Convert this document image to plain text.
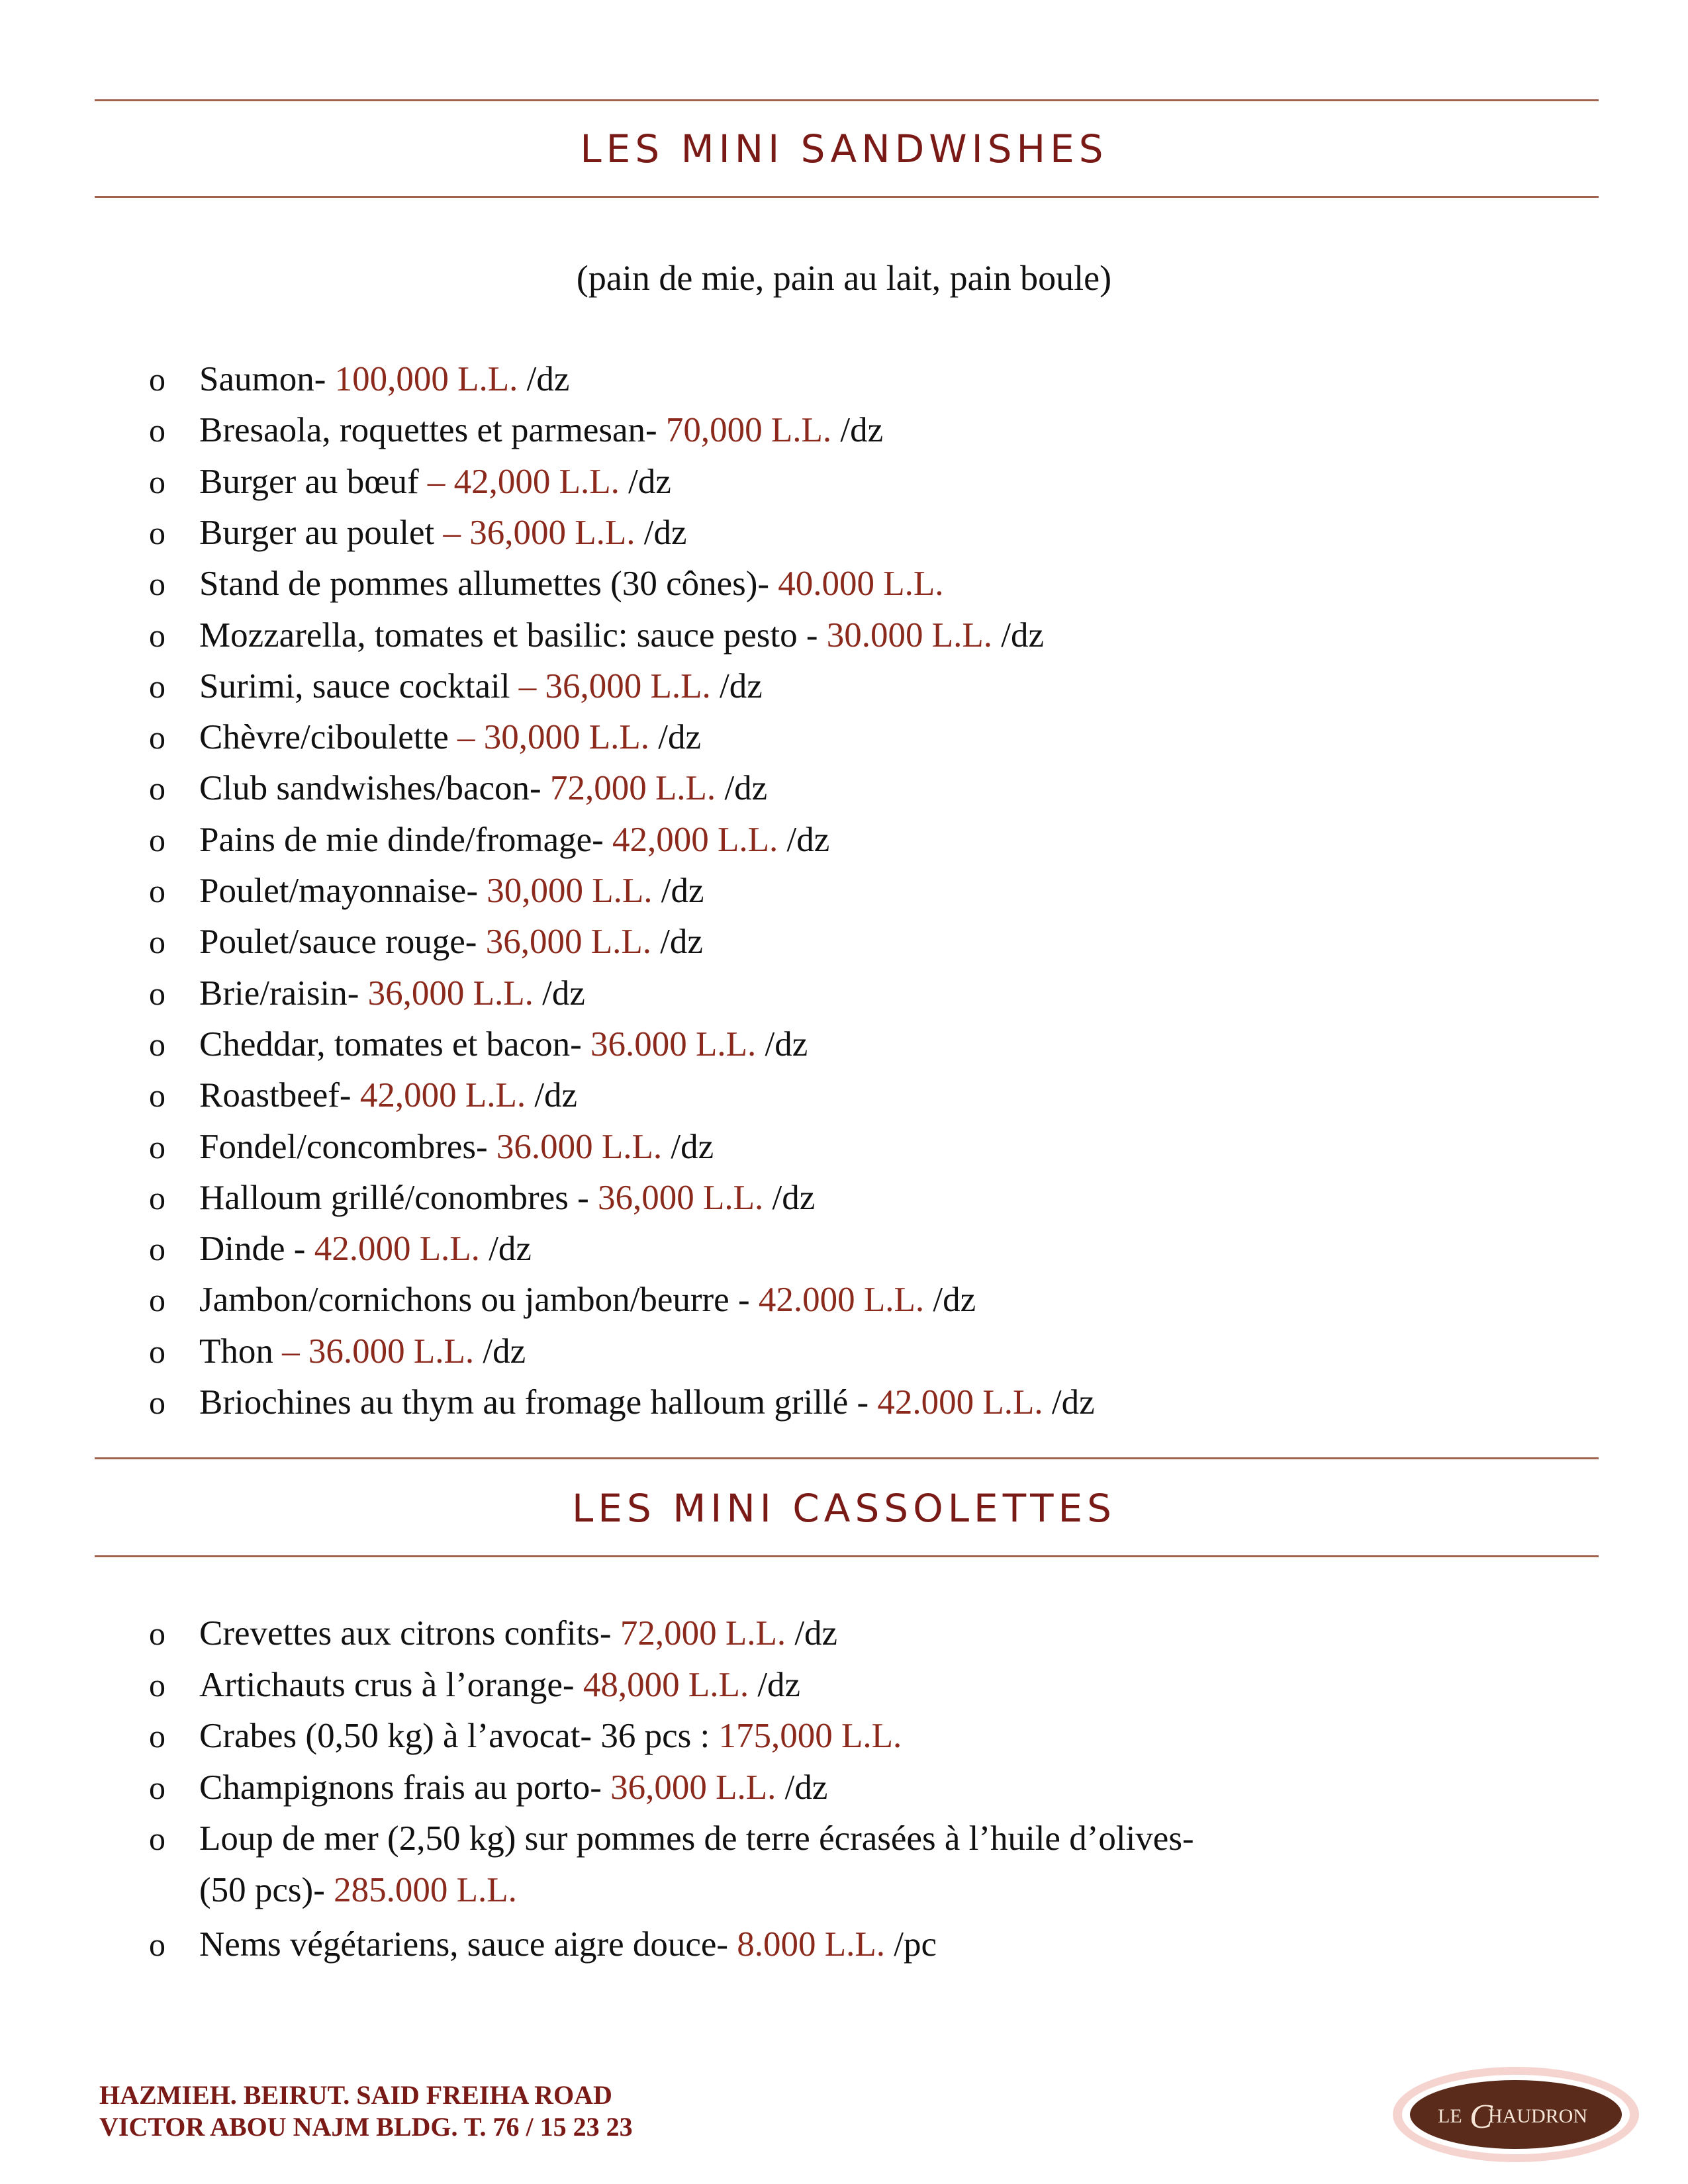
LES MINI SANDWISHES
(pain de mie, pain au lait, pain boule)
o Saumon- 100,000 L.L. /dz
o Bresaola, roquettes et parmesan- 70,000 L.L. /dz
o Burger au bœuf – 42,000 L.L. /dz
o Burger au poulet – 36,000 L.L. /dz
o Stand de pommes allumettes (30 cônes)- 40.000 L.L.
o Mozzarella, tomates et basilic: sauce pesto - 30.000 L.L. /dz
o Surimi, sauce cocktail – 36,000 L.L. /dz
o Chèvre/ciboulette – 30,000 L.L. /dz
o Club sandwishes/bacon- 72,000 L.L. /dz
o Pains de mie dinde/fromage- 42,000 L.L. /dz
o Poulet/mayonnaise- 30,000 L.L. /dz
o Poulet/sauce rouge- 36,000 L.L. /dz
o Brie/raisin- 36,000 L.L. /dz
o Cheddar, tomates et bacon- 36.000 L.L. /dz
o Roastbeef- 42,000 L.L. /dz
o Fondel/concombres- 36.000 L.L. /dz
o Halloum grillé/conombres - 36,000 L.L. /dz
o Dinde - 42.000 L.L. /dz
o Jambon/cornichons ou jambon/beurre - 42.000 L.L. /dz
o Thon – 36.000 L.L. /dz
o Briochines au thym au fromage halloum grillé - 42.000 L.L. /dz
LES MINI CASSOLETTES
o Crevettes aux citrons confits- 72,000 L.L. /dz
o Artichauts crus à l’orange- 48,000 L.L. /dz
o Crabes (0,50 kg) à l’avocat- 36 pcs : 175,000 L.L.
o Champignons frais au porto- 36,000 L.L. /dz
o Loup de mer (2,50 kg) sur pommes de terre écrasées à l’huile d’olives-
(50 pcs)- 285.000 L.L.
o Nems végétariens, sauce aigre douce- 8.000 L.L. /pc
HAZMIEH. BEIRUT. SAID FREIHA ROAD
VICTOR ABOU NAJM BLDG. T. 76 / 15 23 23	LE C
HAUDRON
